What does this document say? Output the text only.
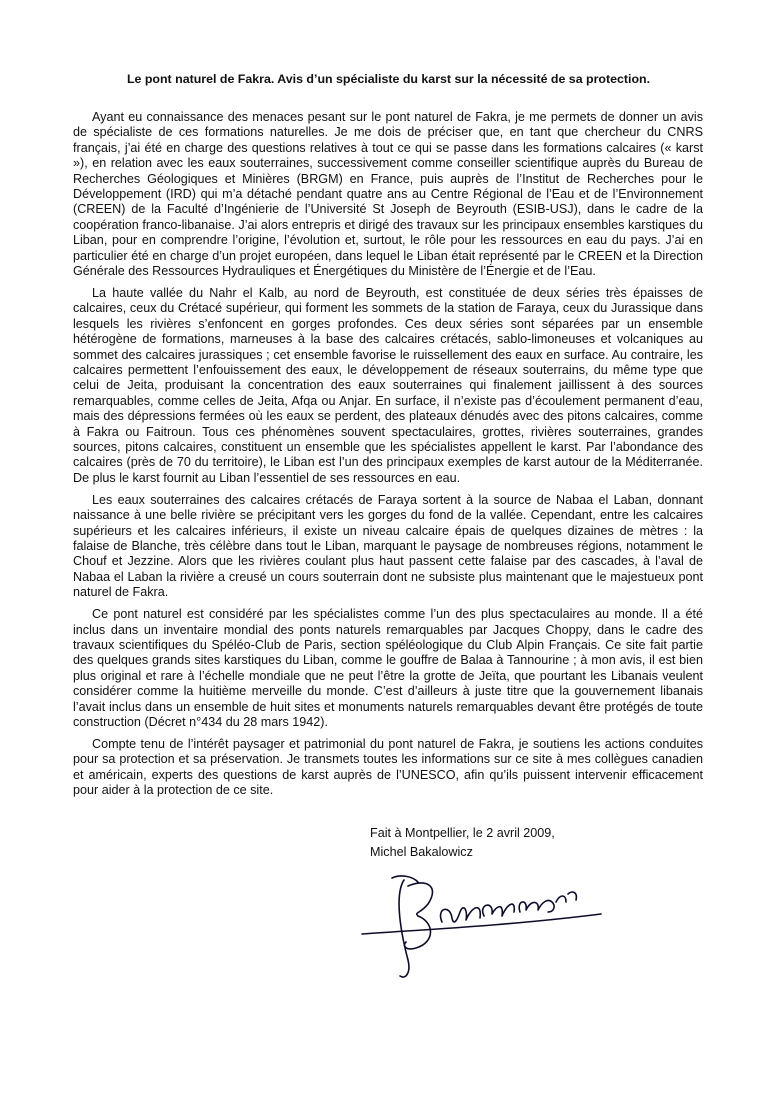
Le pont naturel de Fakra. Avis d’un spécialiste du karst sur la nécessité de sa protection.

Ayant eu connaissance des menaces pesant sur le pont naturel de Fakra, je me permets de donner un avis de spécialiste de ces formations naturelles. Je me dois de préciser que, en tant que chercheur du CNRS français, j’ai été en charge des questions relatives à tout ce qui se passe dans les formations calcaires (« karst »), en relation avec les eaux souterraines, successivement comme conseiller scientifique auprès du Bureau de Recherches Géologiques et Minières (BRGM) en France, puis auprès de l’Institut de Recherches pour le Développement (IRD) qui m’a détaché pendant quatre ans au Centre Régional de l’Eau et de l’Environnement (CREEN) de la Faculté d’Ingénierie de l’Université St Joseph de Beyrouth (ESIB-USJ), dans le cadre de la coopération franco-libanaise. J’ai alors entrepris et dirigé des travaux sur les principaux ensembles karstiques du Liban, pour en comprendre l’origine, l’évolution et, surtout, le rôle pour les ressources en eau du pays. J’ai en particulier été en charge d’un projet européen, dans lequel le Liban était représenté par le CREEN et la Direction Générale des Ressources Hydrauliques et Énergétiques du Ministère de l’Énergie et de l’Eau.

La haute vallée du Nahr el Kalb, au nord de Beyrouth, est constituée de deux séries très épaisses de calcaires, ceux du Crétacé supérieur, qui forment les sommets de la station de Faraya, ceux du Jurassique dans lesquels les rivières s’enfoncent en gorges profondes. Ces deux séries sont séparées par un ensemble hétérogène de formations, marneuses à la base des calcaires crétacés, sablo-limoneuses et volcaniques au sommet des calcaires jurassiques ; cet ensemble favorise le ruissellement des eaux en surface. Au contraire, les calcaires permettent l’enfouissement des eaux, le développement de réseaux souterrains, du même type que celui de Jeita, produisant la concentration des eaux souterraines qui finalement jaillissent à des sources remarquables, comme celles de Jeita, Afqa ou Anjar. En surface, il n’existe pas d’écoulement permanent d’eau, mais des dépressions fermées où les eaux se perdent, des plateaux dénudés avec des pitons calcaires, comme à Fakra ou Faitroun. Tous ces phénomènes souvent spectaculaires, grottes, rivières souterraines, grandes sources, pitons calcaires, constituent un ensemble que les spécialistes appellent le karst. Par l’abondance des calcaires (près de 70 du territoire), le Liban est l’un des principaux exemples de karst autour de la Méditerranée. De plus le karst fournit au Liban l’essentiel de ses ressources en eau.

Les eaux souterraines des calcaires crétacés de Faraya sortent à la source de Nabaa el Laban, donnant naissance à une belle rivière se précipitant vers les gorges du fond de la vallée. Cependant, entre les calcaires supérieurs et les calcaires inférieurs, il existe un niveau calcaire épais de quelques dizaines de mètres : la falaise de Blanche, très célèbre dans tout le Liban, marquant le paysage de nombreuses régions, notamment le Chouf et Jezzine. Alors que les rivières coulant plus haut passent cette falaise par des cascades, à l’aval de Nabaa el Laban la rivière a creusé un cours souterrain dont ne subsiste plus maintenant que le majestueux pont naturel de Fakra.

Ce pont naturel est considéré par les spécialistes comme l’un des plus spectaculaires au monde. Il a été inclus dans un inventaire mondial des ponts naturels remarquables par Jacques Choppy, dans le cadre des travaux scientifiques du Spéléo-Club de Paris, section spéléologique du Club Alpin Français. Ce site fait partie des quelques grands sites karstiques du Liban, comme le gouffre de Balaa à Tannourine ; à mon avis, il est bien plus original et rare à l’échelle mondiale que ne peut l’être la grotte de Jeïta, que pourtant les Libanais veulent considérer comme la huitième merveille du monde. C’est d’ailleurs à juste titre que la gouvernement libanais l’avait inclus dans un ensemble de huit sites et monuments naturels remarquables devant être protégés de toute construction (Décret n°434 du 28 mars 1942).

Compte tenu de l’intérêt paysager et patrimonial du pont naturel de Fakra, je soutiens les actions conduites pour sa protection et sa préservation. Je transmets toutes les informations sur ce site à mes collègues canadien et américain, experts des questions de karst auprès de l’UNESCO, afin qu’ils puissent intervenir efficacement pour aider à la protection de ce site.

Fait à Montpellier, le 2 avril 2009,
Michel Bakalowicz
